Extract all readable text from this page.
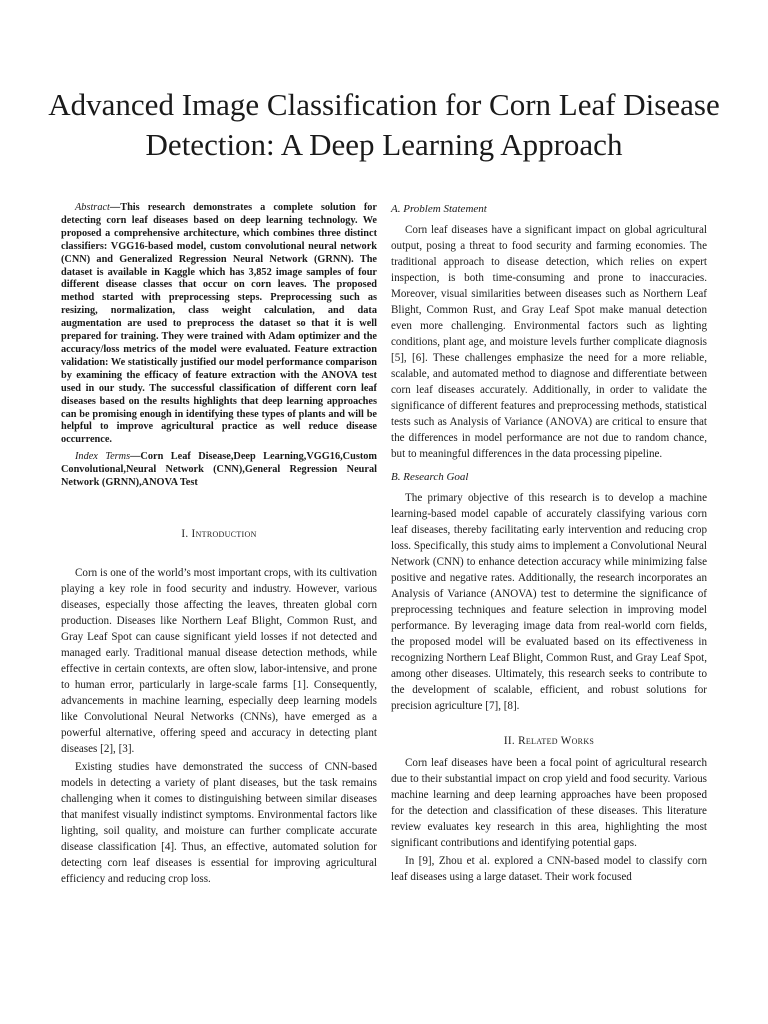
Advanced Image Classification for Corn Leaf Disease Detection: A Deep Learning Approach

Abstract—This research demonstrates a complete solution for detecting corn leaf diseases based on deep learning technology. We proposed a comprehensive architecture, which combines three distinct classifiers: VGG16-based model, custom convolutional neural network (CNN) and Generalized Regression Neural Network (GRNN). The dataset is available in Kaggle which has 3,852 image samples of four different disease classes that occur on corn leaves. The proposed method started with preprocessing steps. Preprocessing such as resizing, normalization, class weight calculation, and data augmentation are used to preprocess the dataset so that it is well prepared for training. They were trained with Adam optimizer and the accuracy/loss metrics of the model were evaluated. Feature extraction validation: We statistically justified our model performance comparison by examining the efficacy of feature extraction with the ANOVA test used in our study. The successful classification of different corn leaf diseases based on the results highlights that deep learning approaches can be promising enough in identifying these types of plants and will be helpful to improve agricultural practice as well reduce disease occurrence.

Index Terms—Corn Leaf Disease,Deep Learning,VGG16,Custom Convolutional,Neural Network (CNN),General Regression Neural Network (GRNN),ANOVA Test

I. Introduction

Corn is one of the world’s most important crops, with its cultivation playing a key role in food security and industry. However, various diseases, especially those affecting the leaves, threaten global corn production. Diseases like Northern Leaf Blight, Common Rust, and Gray Leaf Spot can cause significant yield losses if not detected and managed early. Traditional manual disease detection methods, while effective in certain contexts, are often slow, labor-intensive, and prone to human error, particularly in large-scale farms [1]. Consequently, advancements in machine learning, especially deep learning models like Convolutional Neural Networks (CNNs), have emerged as a powerful alternative, offering speed and accuracy in detecting plant diseases [2], [3].

Existing studies have demonstrated the success of CNN-based models in detecting a variety of plant diseases, but the task remains challenging when it comes to distinguishing between similar diseases that manifest visually indistinct symptoms. Environmental factors like lighting, soil quality, and moisture can further complicate accurate disease classification [4]. Thus, an effective, automated solution for detecting corn leaf diseases is essential for improving agricultural efficiency and reducing crop loss.

A. Problem Statement

Corn leaf diseases have a significant impact on global agricultural output, posing a threat to food security and farming economies. The traditional approach to disease detection, which relies on expert inspection, is both time-consuming and prone to inaccuracies. Moreover, visual similarities between diseases such as Northern Leaf Blight, Common Rust, and Gray Leaf Spot make manual detection even more challenging. Environmental factors such as lighting conditions, plant age, and moisture levels further complicate diagnosis [5], [6]. These challenges emphasize the need for a more reliable, scalable, and automated method to diagnose and differentiate between corn leaf diseases accurately. Additionally, in order to validate the significance of different features and preprocessing methods, statistical tests such as Analysis of Variance (ANOVA) are critical to ensure that the differences in model performance are not due to random chance, but to meaningful differences in the data processing pipeline.

B. Research Goal

The primary objective of this research is to develop a machine learning-based model capable of accurately classifying various corn leaf diseases, thereby facilitating early intervention and reducing crop loss. Specifically, this study aims to implement a Convolutional Neural Network (CNN) to enhance detection accuracy while minimizing false positive and negative rates. Additionally, the research incorporates an Analysis of Variance (ANOVA) test to determine the significance of preprocessing techniques and feature selection in improving model performance. By leveraging image data from real-world corn fields, the proposed model will be evaluated based on its effectiveness in recognizing Northern Leaf Blight, Common Rust, and Gray Leaf Spot, among other diseases. Ultimately, this research seeks to contribute to the development of scalable, efficient, and robust solutions for precision agriculture [7], [8].

II. Related Works

Corn leaf diseases have been a focal point of agricultural research due to their substantial impact on crop yield and food security. Various machine learning and deep learning approaches have been proposed for the detection and classification of these diseases. This literature review evaluates key research in this area, highlighting the most significant contributions and identifying potential gaps.

In [9], Zhou et al. explored a CNN-based model to classify corn leaf diseases using a large dataset. Their work focused
